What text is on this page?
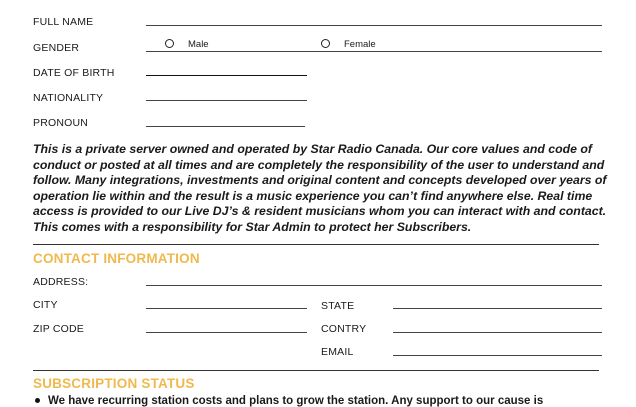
FULL NAME
GENDER	Male	Female
DATE OF BIRTH
NATIONALITY
PRONOUN

This is a private server owned and operated by Star Radio Canada. Our core values and code of conduct or posted at all times and are completely the responsibility of the user to understand and follow. Many integrations, investments and original content and concepts developed over years of operation lie within and the result is a music experience you can’t find anywhere else. Real time access is provided to our Live DJ’s & resident musicians whom you can interact with and contact. This comes with a responsibility for Star Admin to protect her Subscribers.

CONTACT INFORMATION
ADDRESS:
CITY	STATE
ZIP CODE	CONTRY
EMAIL
SUBSCRIPTION STATUS
We have recurring station costs and plans to grow the station. Any support to our cause is
